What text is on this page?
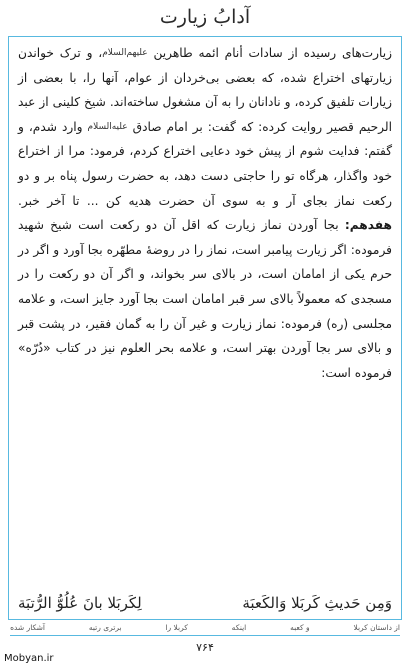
آدابُ ‌زیارت

زیارت‌های رسیده از سادات أنام ائمه طاهرین علیهم‌السلام، و ترک خواندن زیارتهای اختراع شده، که بعضی بی‌خردان از عوام، آنها را، با بعضی از زیارات تلفیق کرده، و نادانان را به آن مشغول ساخته‌اند. شیخ کلینی از عبد الرحیم قصیر روایت کرده: که گفت: بر امام صادق علیه‌السلام وارد شدم، و گفتم: فدایت شوم از پیش خود دعایی اختراع کردم، فرمود: مرا از اختراع خود واگذار، هرگاه تو را حاجتی دست دهد، به حضرت رسول پناه بر و دو رکعت نماز بجای آر و به سوی آن حضرت هدیه کن ... تا آخر خبر. هفدهم: بجا آوردن نماز زیارت که اقل آن دو رکعت است شیخ شهید فرموده: اگر زیارت پیامبر است، نماز را در روضهٔ مطهّره بجا آورد و اگر در حرم یکی از امامان است، در بالای سر بخواند، و اگر آن دو رکعت را در مسجدی که معمولاً بالای سر قبر امامان است بجا آورد جایز است، و علامه مجلسی (ره) فرموده: نماز زیارت و غیر آن را به گمان فقیر، در پشت قبر و بالای سر بجا آوردن بهتر است، و علامه بحر العلوم نیز در کتاب «دُرّه» فرموده است:

وَمِن حَدیثِ کَربَلا وَالکَعبَة
لِکَربَلا بانَ عُلُوُّ الرُّتبَة
از داستان کربلا
و کعبه
اینکه
کربلا را
برتری رتبه
آشکار شده
۷۶۴
Mobyan.ir
